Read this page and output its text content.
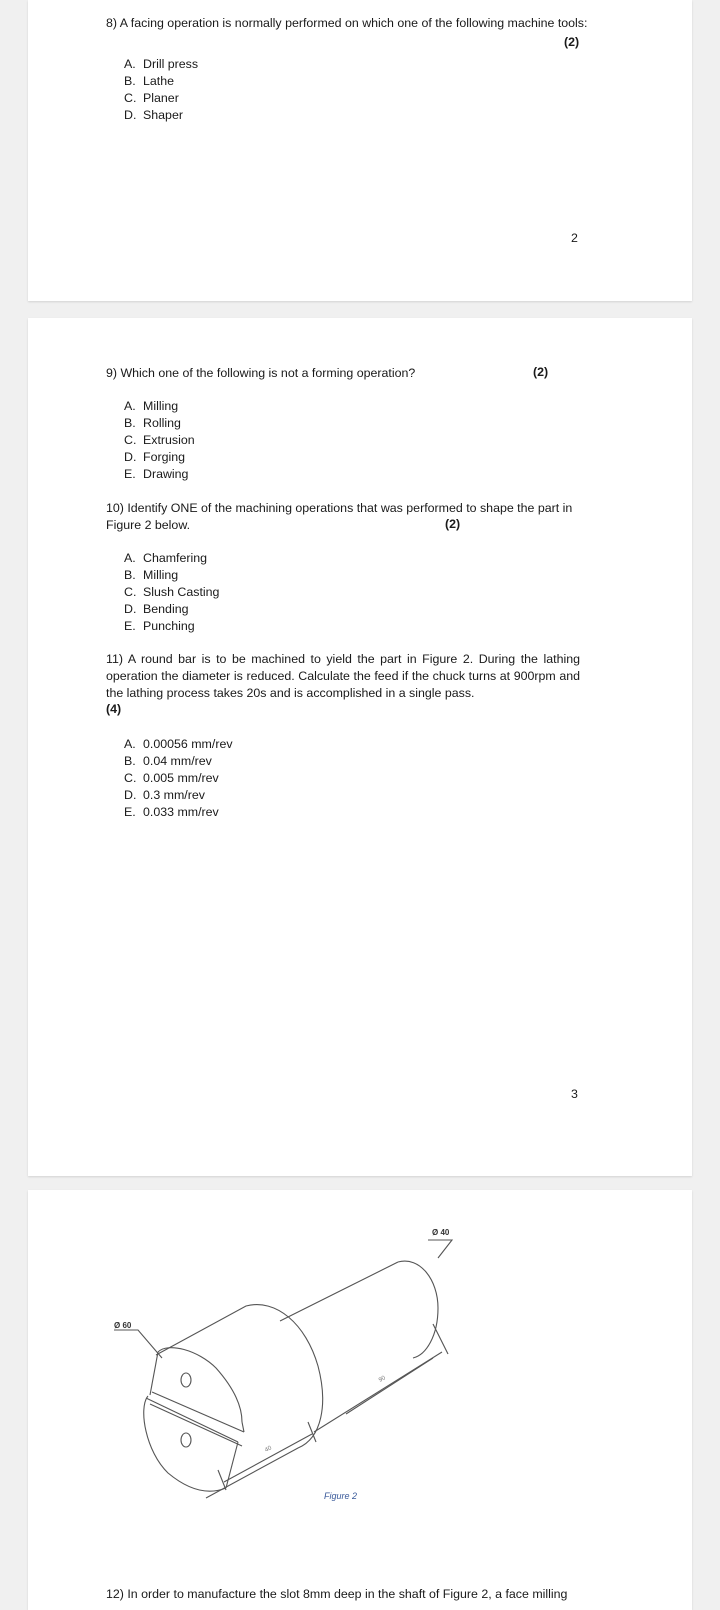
8) A facing operation is normally performed on which one of the following machine tools:
(2)
A. Drill press
B. Lathe
C. Planer
D. Shaper
2
9) Which one of the following is not a forming operation?	(2)
A. Milling
B. Rolling
C. Extrusion
D. Forging
E. Drawing
10) Identify ONE of the machining operations that was performed to shape the part in Figure 2 below.	(2)
A. Chamfering
B. Milling
C. Slush Casting
D. Bending
E. Punching
11) A round bar is to be machined to yield the part in Figure 2. During the lathing operation the diameter is reduced. Calculate the feed if the chuck turns at 900rpm and the lathing process takes 20s and is accomplished in a single pass.
(4)
A. 0.00056 mm/rev
B. 0.04 mm/rev
C. 0.005 mm/rev
D. 0.3 mm/rev
E. 0.033 mm/rev
3
Ø 60
Ø 40
40
90
Figure 2
12) In order to manufacture the slot 8mm deep in the shaft of Figure 2, a face milling
